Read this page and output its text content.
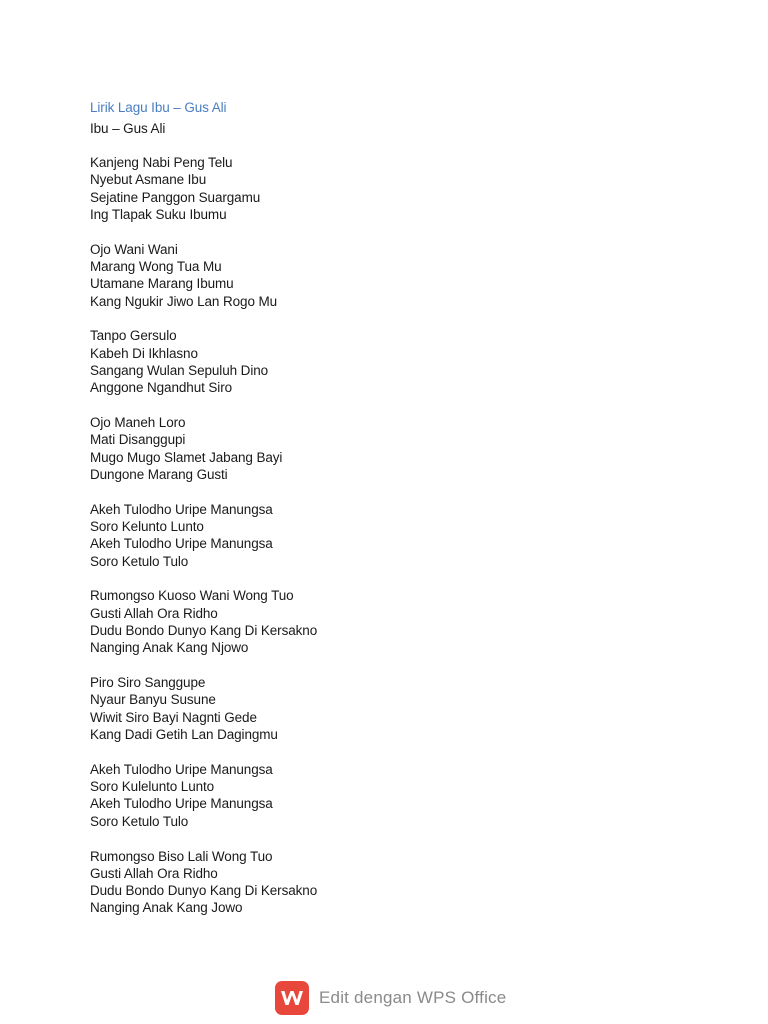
Lirik Lagu Ibu – Gus Ali
Ibu – Gus Ali
Kanjeng Nabi Peng Telu
Nyebut Asmane Ibu
Sejatine Panggon Suargamu
Ing Tlapak Suku Ibumu
Ojo Wani Wani
Marang Wong Tua Mu
Utamane Marang Ibumu
Kang Ngukir Jiwo Lan Rogo Mu
Tanpo Gersulo
Kabeh Di Ikhlasno
Sangang Wulan Sepuluh Dino
Anggone Ngandhut Siro
Ojo Maneh Loro
Mati Disanggupi
Mugo Mugo Slamet Jabang Bayi
Dungone Marang Gusti
Akeh Tulodho Uripe Manungsa
Soro Kelunto Lunto
Akeh Tulodho Uripe Manungsa
Soro Ketulo Tulo
Rumongso Kuoso Wani Wong Tuo
Gusti Allah Ora Ridho
Dudu Bondo Dunyo Kang Di Kersakno
Nanging Anak Kang Njowo
Piro Siro Sanggupe
Nyaur Banyu Susune
Wiwit Siro Bayi Nagnti Gede
Kang Dadi Getih Lan Dagingmu
Akeh Tulodho Uripe Manungsa
Soro Kulelunto Lunto
Akeh Tulodho Uripe Manungsa
Soro Ketulo Tulo
Rumongso Biso Lali Wong Tuo
Gusti Allah Ora Ridho
Dudu Bondo Dunyo Kang Di Kersakno
Nanging Anak Kang Jowo
Edit dengan WPS Office
